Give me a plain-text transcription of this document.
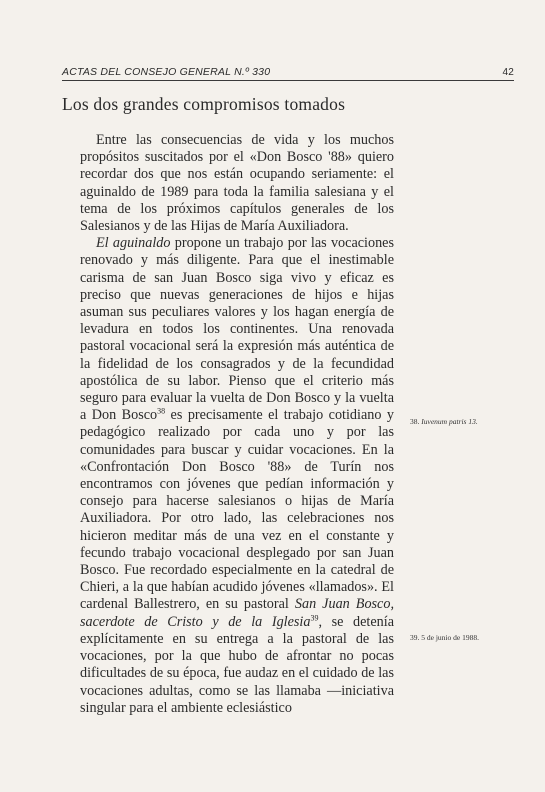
ACTAS DEL CONSEJO GENERAL N.º 330	42
Los dos grandes compromisos tomados

Entre las consecuencias de vida y los muchos propósitos suscitados por el «Don Bosco '88» quiero recordar dos que nos están ocupando seriamente: el aguinaldo de 1989 para toda la familia salesiana y el tema de los próximos capítulos generales de los Salesianos y de las Hijas de María Auxiliadora.

El aguinaldo propone un trabajo por las vocaciones renovado y más diligente. Para que el inestimable carisma de san Juan Bosco siga vivo y eficaz es preciso que nuevas generaciones de hijos e hijas asuman sus peculiares valores y los hagan energía de levadura en todos los continentes. Una renovada pastoral vocacional será la expresión más auténtica de la fidelidad de los consagrados y de la fecundidad apostólica de su labor. Pienso que el criterio más seguro para evaluar la vuelta de Don Bosco y la vuelta a Don Bosco$^{38}$ es precisamente el trabajo cotidiano y pedagógico realizado por cada uno y por las comunidades para buscar y cuidar vocaciones. En la «Confrontación Don Bosco '88» de Turín nos encontramos con jóvenes que pedían información y consejo para hacerse salesianos o hijas de María Auxiliadora. Por otro lado, las celebraciones nos hicieron meditar más de una vez en el constante y fecundo trabajo vocacional desplegado por san Juan Bosco. Fue recordado especialmente en la catedral de Chieri, a la que habían acudido jóvenes «llamados». El cardenal Ballestrero, en su pastoral San Juan Bosco, sacerdote de Cristo y de la Iglesia$^{39}$, se detenía explícitamente en su entrega a la pastoral de las vocaciones, por la que hubo de afrontar no pocas dificultades de su época, fue audaz en el cuidado de las vocaciones adultas, como se las llamaba —iniciativa singular para el ambiente eclesiástico

38. Iuvenum patris 13.
39. 5 de junio de 1988.
